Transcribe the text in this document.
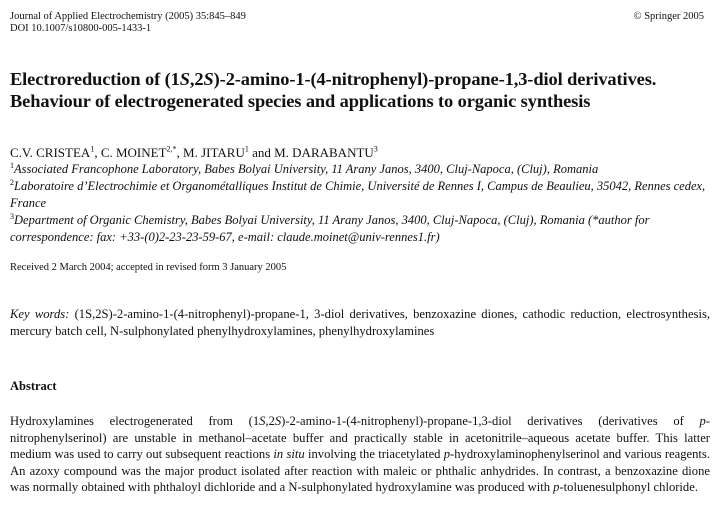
Journal of Applied Electrochemistry (2005) 35:845–849
DOI 10.1007/s10800-005-1433-1
© Springer 2005
Electroreduction of (1S,2S)-2-amino-1-(4-nitrophenyl)-propane-1,3-diol derivatives.
Behaviour of electrogenerated species and applications to organic synthesis
C.V. CRISTEA$^1$, C. $MOINET^{2,*}$, M. JITARU$^1$ and M. DARABANTU$^3$
$^1$Associated Francophone Laboratory, Babes Bolyai University, 11 Arany Janos, 3400, Cluj-Napoca, (Cluj), Romania
$^2$Laboratoire d’Electrochimie et Organométalliques Institut de Chimie, Université de Rennes I, Campus de Beaulieu, 35042, Rennes cedex, France
$^3$Department of Organic Chemistry, Babes Bolyai University, 11 Arany Janos, 3400, Cluj-Napoca, (Cluj), Romania (*author for correspondence: fax: +33-(0)2-23-23-59-67, e-mail: claude.moinet@univ-rennes1.fr)
Received 2 March 2004; accepted in revised form 3 January 2005
Key words: (1S,2S)-2-amino-1-(4-nitrophenyl)-propane-1, 3-diol derivatives, benzoxazine diones, cathodic reduction, electrosynthesis, mercury batch cell, N-sulphonylated phenylhydroxylamines, phenylhydroxylamines
Abstract
Hydroxylamines electrogenerated from (1S,2S)-2-amino-1-(4-nitrophenyl)-propane-1,3-diol derivatives (derivatives of p-nitrophenylserinol) are unstable in methanol–acetate buffer and practically stable in acetonitrile–aqueous acetate buffer. This latter medium was used to carry out subsequent reactions in situ involving the triacetylated p-hydroxylaminophenylserinol and various reagents. An azoxy compound was the major product isolated after reaction with maleic or phthalic anhydrides. In contrast, a benzoxazine dione was normally obtained with phthaloyl dichloride and a N-sulphonylated hydroxylamine was produced with p-toluenesulphonyl chloride.
